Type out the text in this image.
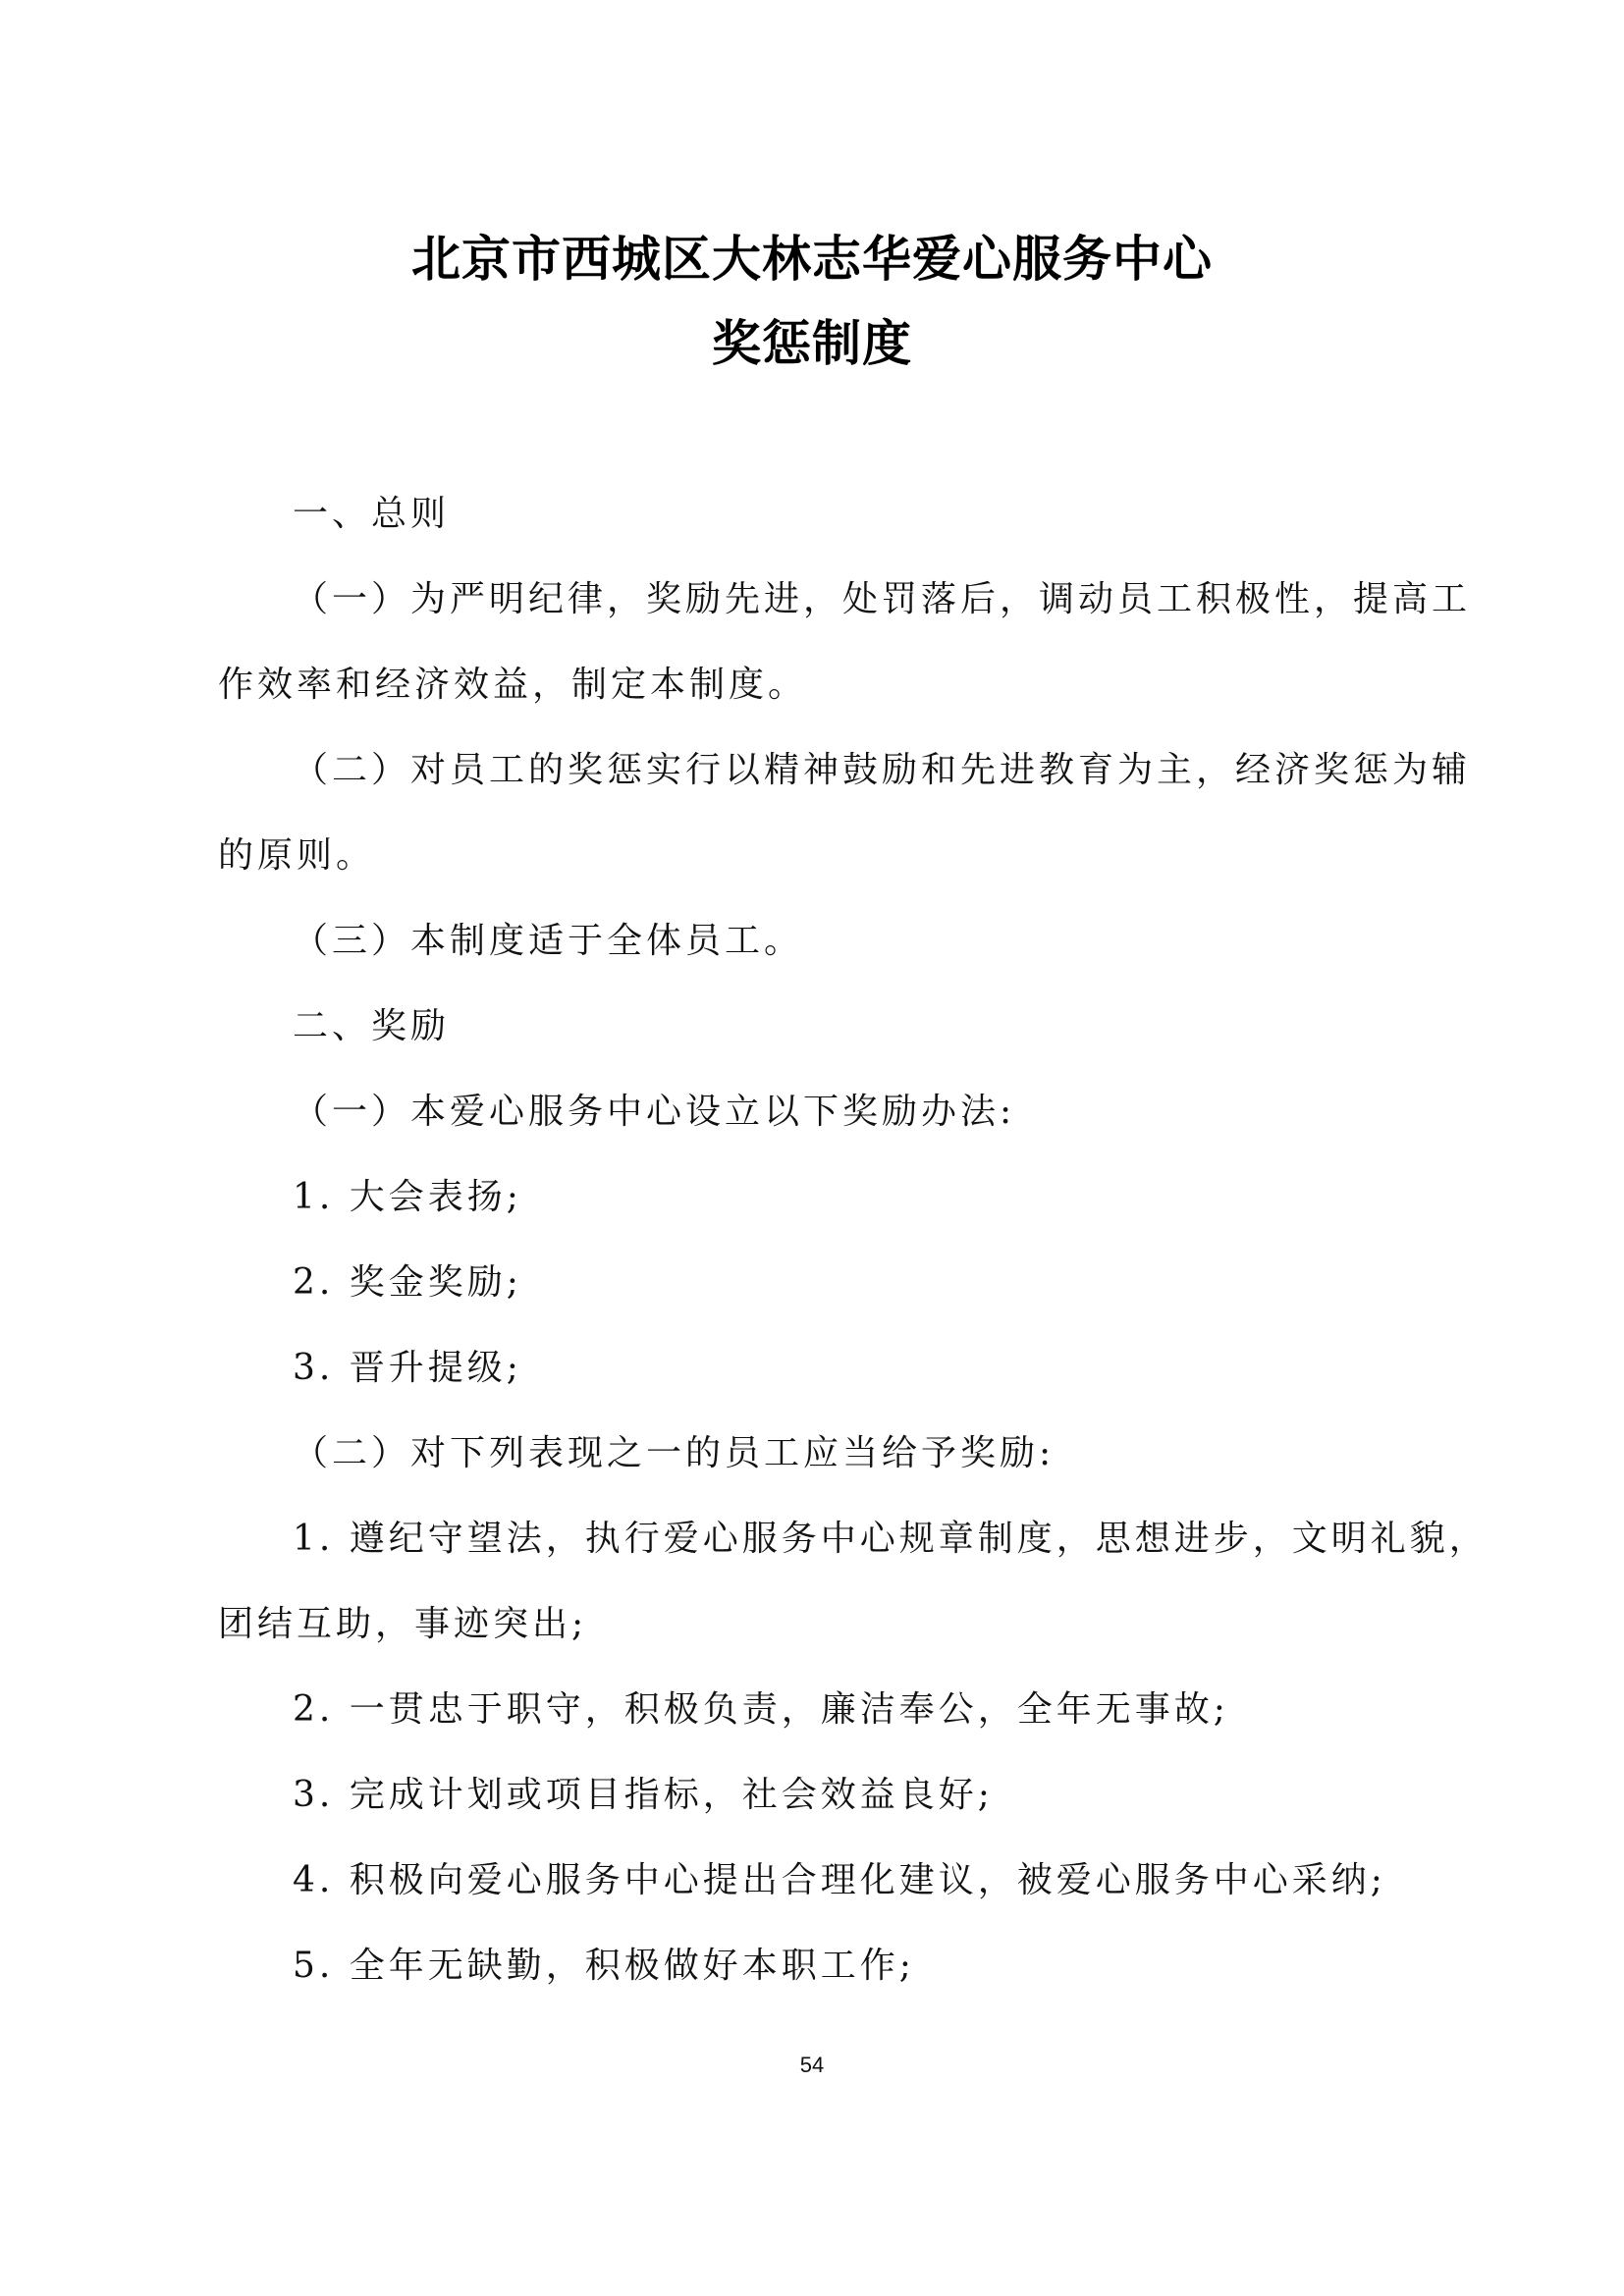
北京市西城区大林志华爱心服务中心
奖惩制度
一、总则
（一）为严明纪律，奖励先进，处罚落后，调动员工积极性，提高工
作效率和经济效益，制定本制度。
（二）对员工的奖惩实行以精神鼓励和先进教育为主，经济奖惩为辅
的原则。
（三）本制度适于全体员工。
二、奖励
（一）本爱心服务中心设立以下奖励办法:
1. 大会表扬;
2. 奖金奖励;
3. 晋升提级;
（二）对下列表现之一的员工应当给予奖励:
1. 遵纪守望法，执行爱心服务中心规章制度，思想进步，文明礼貌，
团结互助，事迹突出;
2. 一贯忠于职守，积极负责，廉洁奉公，全年无事故;
3. 完成计划或项目指标，社会效益良好;
4. 积极向爱心服务中心提出合理化建议，被爱心服务中心采纳;
5. 全年无缺勤，积极做好本职工作;
54
